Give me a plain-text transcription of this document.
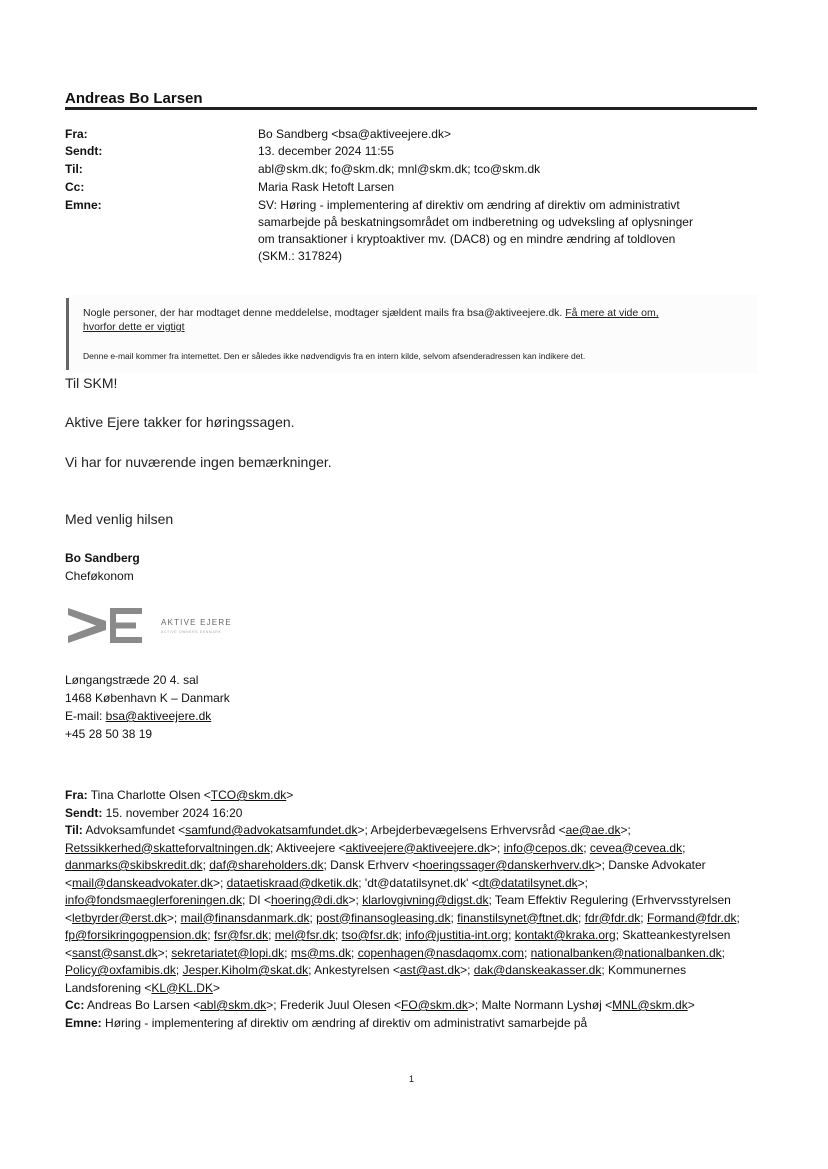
Andreas Bo Larsen
Fra:	Bo Sandberg <bsa@aktiveejere.dk>
Sendt:	13. december 2024 11:55
Til:	abl@skm.dk; fo@skm.dk; mnl@skm.dk; tco@skm.dk
Cc:	Maria Rask Hetoft Larsen
Emne:	SV: Høring - implementering af direktiv om ændring af direktiv om administrativt
samarbejde på beskatningsområdet om indberetning og udveksling af oplysninger
om transaktioner i kryptoaktiver mv. (DAC8) og en mindre ændring af toldloven
(SKM.: 317824)
Nogle personer, der har modtaget denne meddelelse, modtager sjældent mails fra bsa@aktiveejere.dk. Få mere at vide om,
hvorfor dette er vigtigt
Denne e-mail kommer fra internettet. Den er således ikke nødvendigvis fra en intern kilde, selvom afsenderadressen kan indikere det.
Til SKM!
Aktive Ejere takker for høringssagen.
Vi har for nuværende ingen bemærkninger.
Med venlig hilsen
Bo Sandberg
Cheføkonom
AKTIVE EJERE
ACTIVE OWNERS DENMARK
Løngangstræde 20 4. sal
1468 København K – Danmark
E-mail: bsa@aktiveejere.dk
+45 28 50 38 19
Fra: Tina Charlotte Olsen <TCO@skm.dk>
Sendt: 15. november 2024 16:20
Til: Advoksamfundet <samfund@advokatsamfundet.dk>; Arbejderbevægelsens Erhvervsråd <ae@ae.dk>; Retssikkerhed@skatteforvaltningen.dk; Aktiveejere <aktiveejere@aktiveejere.dk>; info@cepos.dk; cevea@cevea.dk; danmarks@skibskredit.dk; daf@shareholders.dk; Dansk Erhverv <hoeringssager@danskerhverv.dk>; Danske Advokater <mail@danskeadvokater.dk>; dataetiskraad@dketik.dk; 'dt@datatilsynet.dk' <dt@datatilsynet.dk>; info@fondsmaeglerforeningen.dk; DI <hoering@di.dk>; klarlovgivning@digst.dk; Team Effektiv Regulering (Erhvervsstyrelsen <letbyrder@erst.dk>; mail@finansdanmark.dk; post@finansogleasing.dk; finanstilsynet@ftnet.dk; fdr@fdr.dk; Formand@fdr.dk; fp@forsikringogpension.dk; fsr@fsr.dk; mel@fsr.dk; tso@fsr.dk; info@justitia-int.org; kontakt@kraka.org; Skatteankestyrelsen <sanst@sanst.dk>; sekretariatet@lopi.dk; ms@ms.dk; copenhagen@nasdaqomx.com; nationalbanken@nationalbanken.dk; Policy@oxfamibis.dk; Jesper.Kiholm@skat.dk; Ankestyrelsen <ast@ast.dk>; dak@danskeakasser.dk; Kommunernes Landsforening <KL@KL.DK>
Cc: Andreas Bo Larsen <abl@skm.dk>; Frederik Juul Olesen <FO@skm.dk>; Malte Normann Lyshøj <MNL@skm.dk>
Emne: Høring - implementering af direktiv om ændring af direktiv om administrativt samarbejde på
1
